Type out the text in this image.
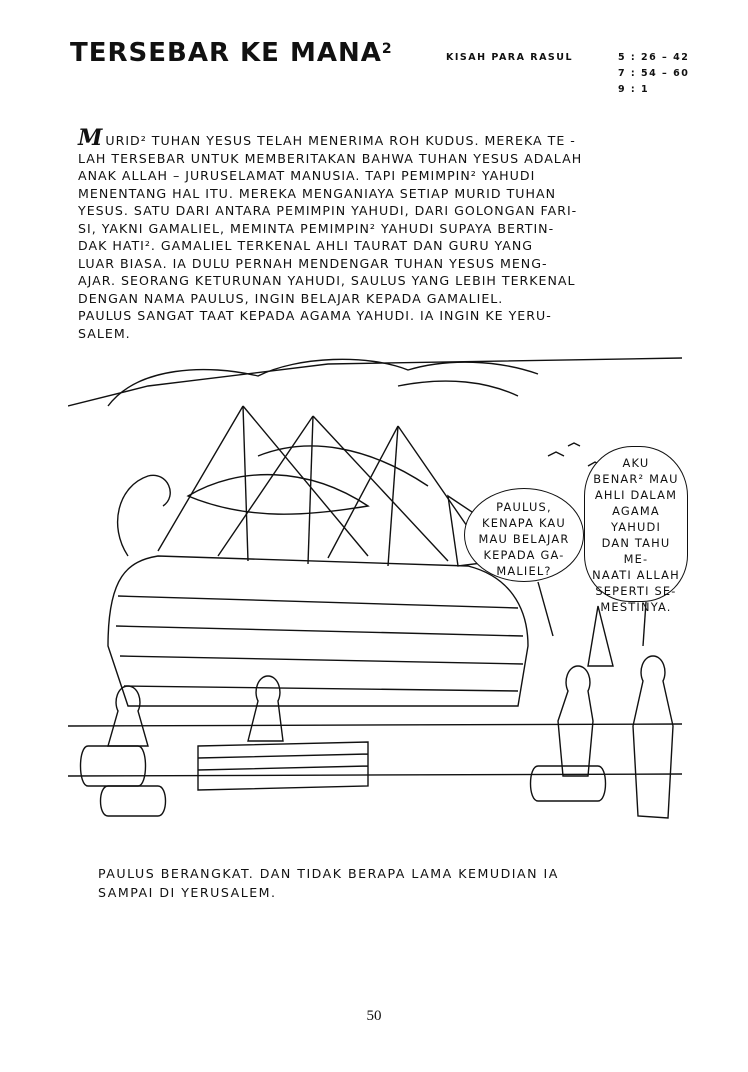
TERSEBAR KE MANA$^2$
KISAH PARA RASUL	5 : 26 – 42
7 : 54 – 60
9 : 1
MURID² TUHAN YESUS TELAH MENERIMA ROH KUDUS. MEREKA TE -
LAH TERSEBAR UNTUK MEMBERITAKAN BAHWA TUHAN YESUS ADALAH
ANAK ALLAH – JURUSELAMAT MANUSIA. TAPI PEMIMPIN² YAHUDI
MENENTANG HAL ITU. MEREKA MENGANIAYA SETIAP MURID TUHAN
YESUS. SATU DARI ANTARA PEMIMPIN YAHUDI, DARI GOLONGAN FARI-
SI, YAKNI GAMALIEL, MEMINTA PEMIMPIN² YAHUDI SUPAYA BERTIN-
DAK HATI². GAMALIEL TERKENAL AHLI TAURAT DAN GURU YANG
LUAR BIASA. IA DULU PERNAH MENDENGAR TUHAN YESUS MENG-
AJAR. SEORANG KETURUNAN YAHUDI, SAULUS YANG LEBIH TERKENAL
DENGAN NAMA PAULUS, INGIN BELAJAR KEPADA GAMALIEL.
PAULUS SANGAT TAAT KEPADA AGAMA YAHUDI. IA INGIN KE YERU-
SALEM.
PAULUS,
KENAPA KAU
MAU BELAJAR
KEPADA GA-
MALIEL?
AKU
BENAR² MAU
AHLI DALAM
AGAMA YAHUDI
DAN TAHU ME-
NAATI ALLAH
SEPERTI SE-
MESTINYA.
PAULUS BERANGKAT. DAN TIDAK BERAPA LAMA KEMUDIAN IA
SAMPAI DI YERUSALEM.
50
